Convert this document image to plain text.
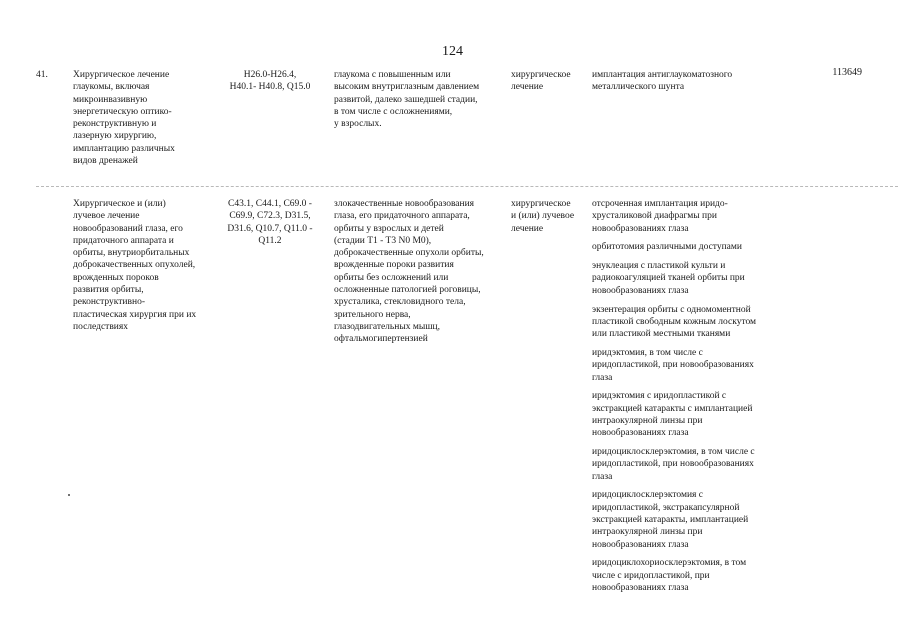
124
41.	Хирургическое лечение
глаукомы, включая
микроинвазивную
энергетическую оптико-
реконструктивную и
лазерную хирургию,
имплантацию различных
видов дренажей
H26.0-H26.4,
H40.1- H40.8, Q15.0
глаукома с повышенным или
высоким внутриглазным давлением
развитой, далеко зашедшей стадии,
в том числе с осложнениями,
у взрослых.
хирургическое
лечение
имплантация антиглаукоматозного
металлического шунта
113649
Хирургическое и (или)
лучевое лечение
новообразований глаза, его
придаточного аппарата и
орбиты, внутриорбитальных
доброкачественных опухолей,
врожденных пороков
развития орбиты,
реконструктивно-
пластическая хирургия при их
последствиях
C43.1, C44.1, C69.0 -
C69.9, C72.3, D31.5,
D31.6, Q10.7, Q11.0 -
Q11.2
злокачественные новообразования
глаза, его придаточного аппарата,
орбиты у взрослых и детей
(стадии T1 - T3 N0 M0),
доброкачественные опухоли орбиты,
врожденные пороки развития
орбиты без осложнений или
осложненные патологией роговицы,
хрусталика, стекловидного тела,
зрительного нерва,
глазодвигательных мышц,
офтальмогипертензией
хирургическое
и (или) лучевое
лечение
отсроченная имплантация иридо-
хрусталиковой диафрагмы при
новообразованиях глаза
орбитотомия различными доступами
энуклеация с пластикой культи и
радиокоагуляцией тканей орбиты при
новообразованиях глаза
экзентерация орбиты с одномоментной
пластикой свободным кожным лоскутом
или пластикой местными тканями
иридэктомия, в том числе с
иридопластикой, при новообразованиях
глаза
иридэктомия с иридопластикой с
экстракцией катаракты с имплантацией
интраокулярной линзы при
новообразованиях глаза
иридоциклосклерэктомия, в том числе с
иридопластикой, при новообразованиях
глаза
иридоциклосклерэктомия с
иридопластикой, экстракапсулярной
экстракцией катаракты, имплантацией
интраокулярной линзы при
новообразованиях глаза
иридоциклохориосклерэктомия, в том
числе с иридопластикой, при
новообразованиях глаза
